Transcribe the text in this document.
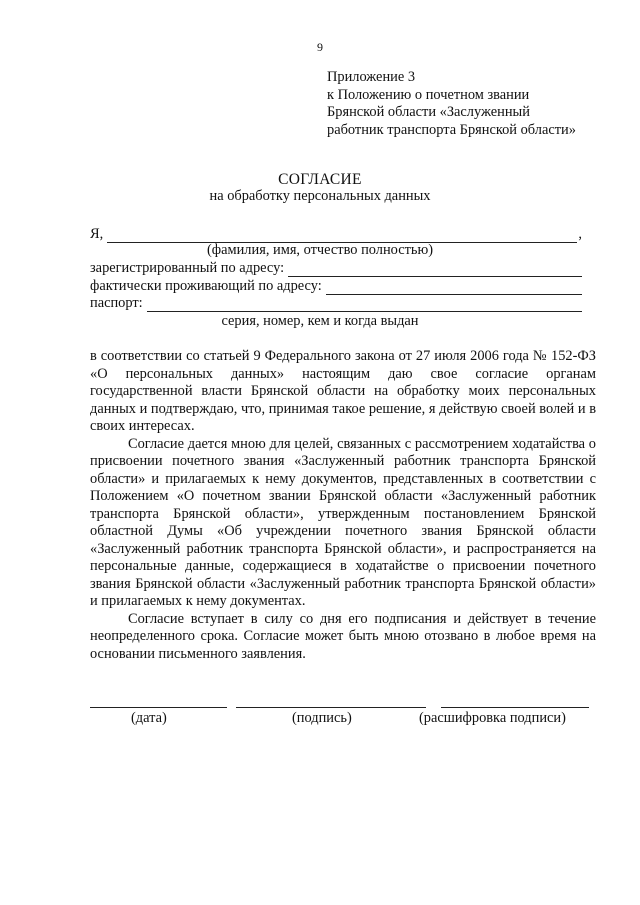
9
Приложение 3
к Положению о почетном звании
Брянской области «Заслуженный
работник транспорта Брянской области»
СОГЛАСИЕ
на обработку персональных данных
Я,	,
(фамилия, имя, отчество полностью)
зарегистрированный по адресу:
фактически проживающий по адресу:
паспорт:
серия, номер, кем и когда выдан

в соответствии со статьей 9 Федерального закона от 27 июля 2006 года № 152-ФЗ «О персональных данных» настоящим даю свое согласие органам государственной власти Брянской области на обработку моих персональных данных и подтверждаю, что, принимая такое решение, я действую своей волей и в своих интересах.

Согласие дается мною для целей, связанных с рассмотрением ходатайства о присвоении почетного звания «Заслуженный работник транспорта Брянской области» и прилагаемых к нему документов, представленных в соответствии с Положением «О почетном звании Брянской области «Заслуженный работник транспорта Брянской области», утвержденным постановлением Брянской областной Думы «Об учреждении почетного звания Брянской области «Заслуженный работник транспорта Брянской области», и распространяется на персональные данные, содержащиеся в ходатайстве о присвоении почетного звания Брянской области «Заслуженный работник транспорта Брянской области» и прилагаемых к нему документах.

Согласие вступает в силу со дня его подписания и действует в течение неопределенного срока. Согласие может быть мною отозвано в любое время на основании письменного заявления.

(дата)	(подпись)	(расшифровка подписи)
